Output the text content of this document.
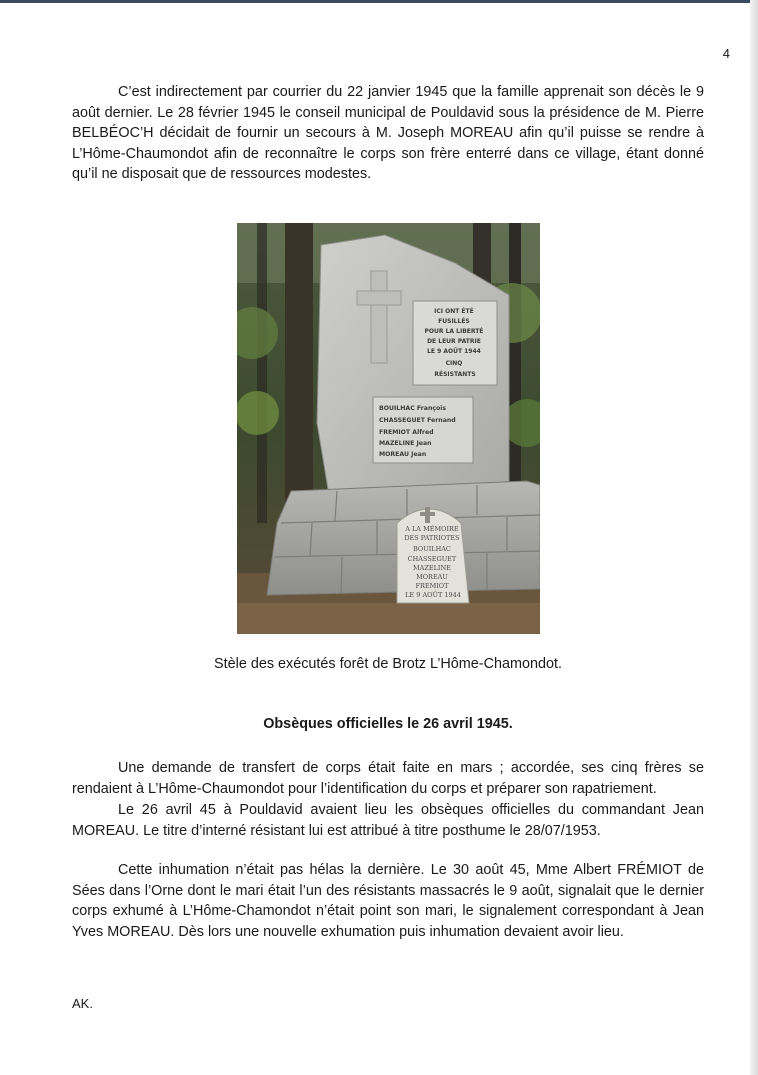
4

C’est indirectement par courrier du 22 janvier 1945 que la famille apprenait son décès le 9 août dernier. Le 28 février 1945 le conseil municipal de Pouldavid sous la présidence de M. Pierre BELBÉOC’H décidait de fournir un secours à M. Joseph MOREAU afin qu’il puisse se rendre à L’Hôme-Chaumondot afin de reconnaître le corps son frère enterré dans ce village, étant donné qu’il ne disposait que de ressources modestes.

ICI ONT ÉTÉ FUSILLÉS POUR LA LIBERTÉ DE LEUR PATRIE LE 9 AOÛT 1944 CINQ RÉSISTANTS
BOUILHAC François CHASSEGUET Fernand FREMIOT Alfred MAZELINE Jean MOREAU Jean
A LA MÉMOIRE DES PATRIOTES BOUILHAC CHASSEGUET MAZELINE MOREAU FREMIOT LE 9 AOÛT 1944
Stèle des exécutés forêt de Brotz L’Hôme-Chamondot.
Obsèques officielles le 26 avril 1945.

Une demande de transfert de corps était faite en mars ; accordée, ses cinq frères se rendaient à L’Hôme-Chaumondot pour l’identification du corps et préparer son rapatriement.

Le 26 avril 45 à Pouldavid avaient lieu les obsèques officielles du commandant Jean MOREAU. Le titre d’interné résistant lui est attribué à titre posthume le 28/07/1953.

Cette inhumation n’était pas hélas la dernière. Le 30 août 45, Mme Albert FRÉMIOT de Sées dans l’Orne dont le mari était l’un des résistants massacrés le 9 août, signalait que le dernier corps exhumé à L’Hôme-Chamondot n’était point son mari, le signalement correspondant à Jean Yves MOREAU. Dès lors une nouvelle exhumation puis inhumation devaient avoir lieu.

AK.
